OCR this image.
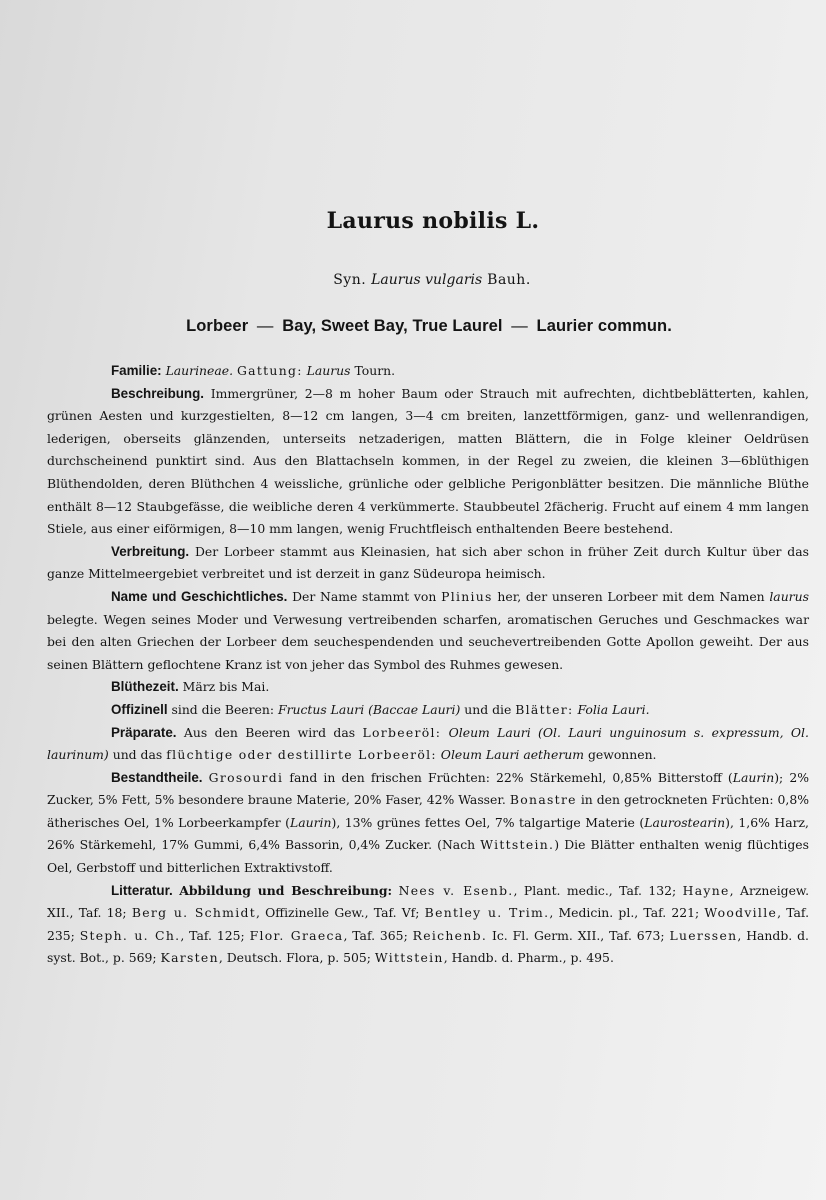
Laurus nobilis L.
Syn. Laurus vulgaris Bauh.
Lorbeer — Bay, Sweet Bay, True Laurel — Laurier commun.

Familie: Laurineae. Gattung: Laurus Tourn.

Beschreibung. Immergrüner, 2—8 m hoher Baum oder Strauch mit aufrechten, dichtbeblätterten, kahlen, grünen Aesten und kurzgestielten, 8—12 cm langen, 3—4 cm breiten, lanzettförmigen, ganz- und wellenrandigen, lederigen, oberseits glänzenden, unterseits netzaderigen, matten Blättern, die in Folge kleiner Oeldrüsen durchscheinend punktirt sind. Aus den Blattachseln kommen, in der Regel zu zweien, die kleinen 3—6blüthigen Blüthendolden, deren Blüthchen 4 weissliche, grünliche oder gelbliche Perigonblätter besitzen. Die männliche Blüthe enthält 8—12 Staubgefässe, die weibliche deren 4 verkümmerte. Staubbeutel 2fächerig. Frucht auf einem 4 mm langen Stiele, aus einer eiförmigen, 8—10 mm langen, wenig Fruchtfleisch enthaltenden Beere bestehend.

Verbreitung. Der Lorbeer stammt aus Kleinasien, hat sich aber schon in früher Zeit durch Kultur über das ganze Mittelmeergebiet verbreitet und ist derzeit in ganz Südeuropa heimisch.

Name und Geschichtliches. Der Name stammt von Plinius her, der unseren Lorbeer mit dem Namen laurus belegte. Wegen seines Moder und Verwesung vertreibenden scharfen, aromatischen Geruches und Geschmackes war bei den alten Griechen der Lorbeer dem seuchespendenden und seuchevertreibenden Gotte Apollon geweiht. Der aus seinen Blättern geflochtene Kranz ist von jeher das Symbol des Ruhmes gewesen.

Blüthezeit. März bis Mai.

Offizinell sind die Beeren: Fructus Lauri (Baccae Lauri) und die Blätter: Folia Lauri.

Präparate. Aus den Beeren wird das Lorbeeröl: Oleum Lauri (Ol. Lauri unguinosum s. expressum, Ol. laurinum) und das flüchtige oder destillirte Lorbeeröl: Oleum Lauri aetherum gewonnen.

Bestandtheile. Grosourdi fand in den frischen Früchten: 22% Stärkemehl, 0,85% Bitterstoff (Laurin); 2% Zucker, 5% Fett, 5% besondere braune Materie, 20% Faser, 42% Wasser. Bonastre in den getrockneten Früchten: 0,8% ätherisches Oel, 1% Lorbeerkampfer (Laurin), 13% grünes fettes Oel, 7% talgartige Materie (Laurostearin), 1,6% Harz, 26% Stärkemehl, 17% Gummi, 6,4% Bassorin, 0,4% Zucker. (Nach Wittstein.) Die Blätter enthalten wenig flüchtiges Oel, Gerbstoff und bitterlichen Extraktivstoff.

Litteratur. Abbildung und Beschreibung: Nees v. Esenb., Plant. medic., Taf. 132; Hayne, Arzneigew. XII., Taf. 18; Berg u. Schmidt, Offizinelle Gew., Taf. Vf; Bentley u. Trim., Medicin. pl., Taf. 221; Woodville, Taf. 235; Steph. u. Ch., Taf. 125; Flor. Graeca, Taf. 365; Reichenb. Ic. Fl. Germ. XII., Taf. 673; Luerssen, Handb. d. syst. Bot., p. 569; Karsten, Deutsch. Flora, p. 505; Wittstein, Handb. d. Pharm., p. 495.
